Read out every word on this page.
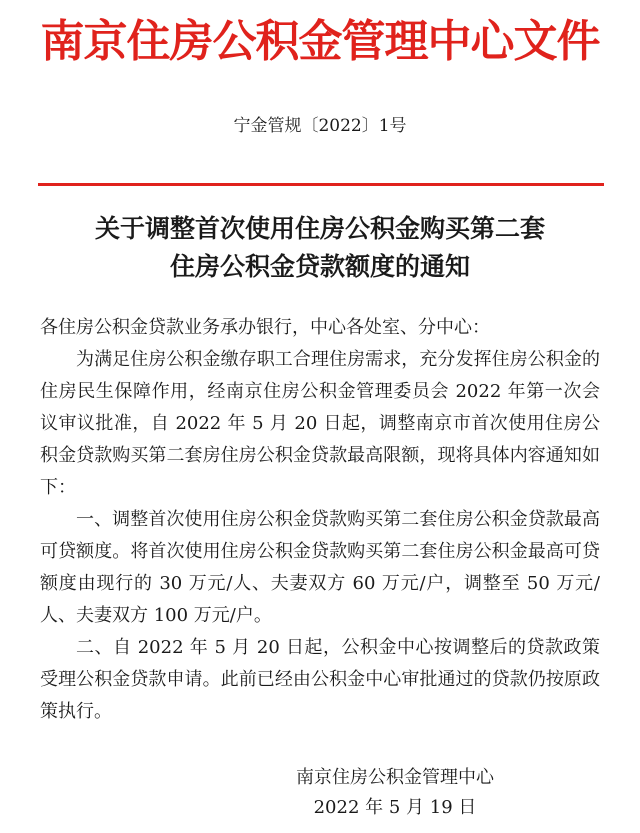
南京住房公积金管理中心文件
宁金管规〔2022〕1号
关于调整首次使用住房公积金购买第二套
住房公积金贷款额度的通知

各住房公积金贷款业务承办银行，中心各处室、分中心：

为满足住房公积金缴存职工合理住房需求，充分发挥住房公积金的住房民生保障作用，经南京住房公积金管理委员会 2022 年第一次会议审议批准，自 2022 年 5 月 20 日起，调整南京市首次使用住房公积金贷款购买第二套房住房公积金贷款最高限额，现将具体内容通知如下：

一、调整首次使用住房公积金贷款购买第二套住房公积金贷款最高可贷额度。将首次使用住房公积金贷款购买第二套住房公积金最高可贷额度由现行的 30 万元/人、夫妻双方 60 万元/户，调整至 50 万元/人、夫妻双方 100 万元/户。

二、自 2022 年 5 月 20 日起，公积金中心按调整后的贷款政策受理公积金贷款申请。此前已经由公积金中心审批通过的贷款仍按原政策执行。

南京住房公积金管理中心
2022 年 5 月 19 日
